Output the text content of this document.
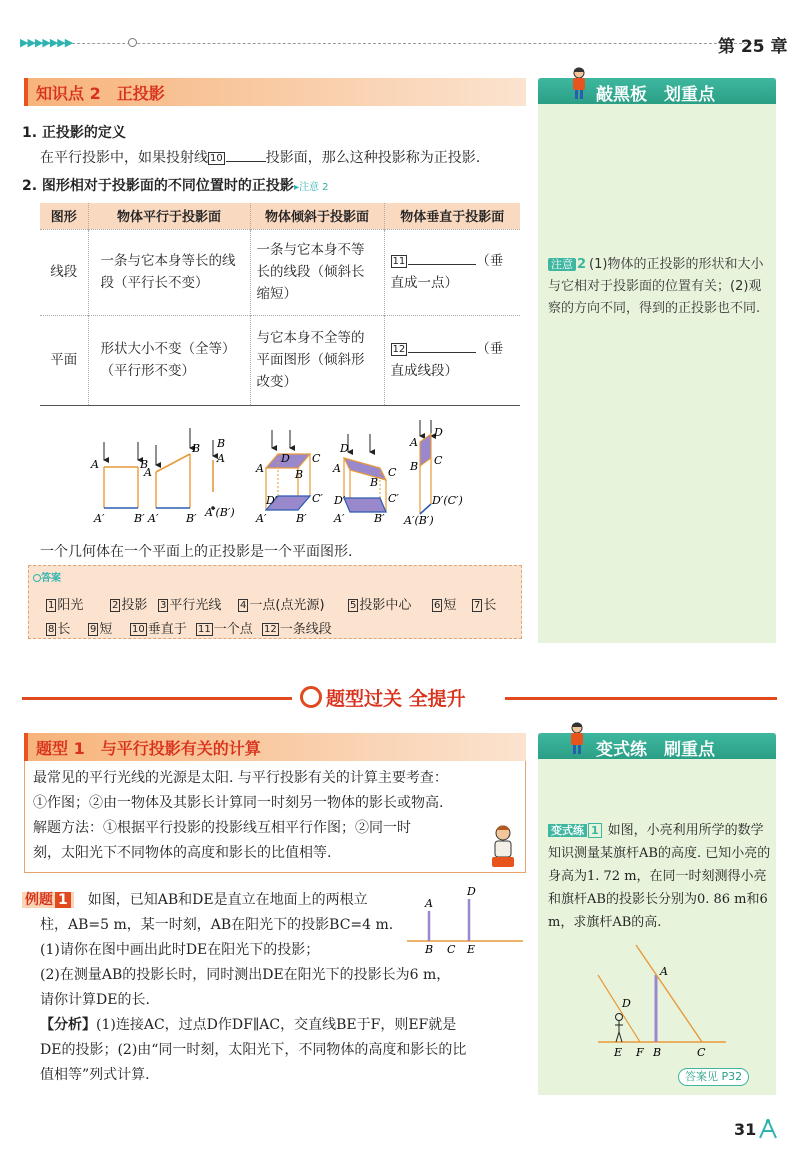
▶▶▶▶▶▶▶	第 25 章
敲黑板　划重点
注意 2 (1)物体的正投影的形状和大小与它相对于投影面的位置有关；(2)观察的方向不同，得到的正投影也不同.
知识点 2　正投影
1. 正投影的定义
在平行投影中，如果投射线 10	投影面，那么这种投影称为正投影.
2. 图形相对于投影面的不同位置时的正投影▸注意 2
图形	物体平行于投影面	物体倾斜于投影面	物体垂直于投影面
线段	一条与它本身等长的线段（平行长不变）	一条与它本身不等长的线段（倾斜长缩短）	11 （垂直成一点）
平面	形状大小不变（全等）（平行形不变）	与它本身不全等的平面图形（倾斜形改变）	12 （垂直成线段）
A	B
A′	B′
A
B
A′	B′
B
A
A′(B′)
A
D C
B
D′	C′
A′	B′
D
C
A
B
D′	C′
A′	B′
D
A
C
B
D′(C′)
A′(B′)
一个几何体在一个平面上的正投影是一个平面图形.
答案
1 阳光	2 投影 3 平行光线 4 一点(点光源)	5 投影中心 6 短 7 长
8 长 9 短 10 垂直于 11 一个点 12 一条线段
题型过关 全提升
变式练　刷重点
变式练 1 如图，小亮利用所学的数学知识测量某旗杆AB的高度. 已知小亮的身高为1. 72 m，在同一时刻测得小亮和旗杆AB的投影长分别为0. 86 m和6 m，求旗杆AB的高.
A
D
E F B	C
答案见 P32
题型 1　与平行投影有关的计算
最常见的平行光线的光源是太阳. 与平行投影有关的计算主要考查：
①作图；②由一物体及其影长计算同一时刻另一物体的影长或物高.
解题方法：①根据平行投影的投影线互相平行作图；②同一时
刻，太阳光下不同物体的高度和影长的比值相等.
例题 1 如图，已知AB和DE是直立在地面上的两根立
柱，AB=5 m，某一时刻，AB在阳光下的投影BC=4 m.
(1)请你在图中画出此时DE在阳光下的投影；
(2)在测量AB的投影长时，同时测出DE在阳光下的投影长为6 m，
请你计算DE的长.
【分析】(1)连接AC，过点D作DF∥AC，交直线BE于F，则EF就是
DE的投影；(2)由“同一时刻，太阳光下，不同物体的高度和影长的比
值相等”列式计算.
D
A
B C E
31
